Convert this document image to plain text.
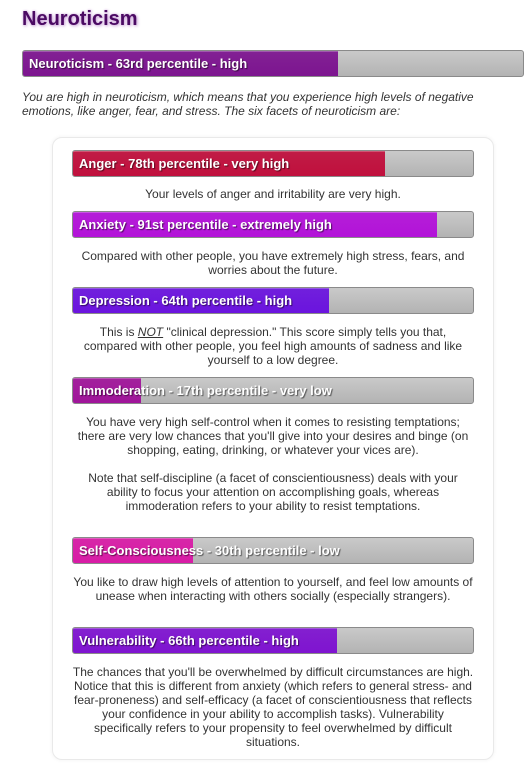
Neuroticism
Neuroticism - 63rd percentile - high

You are high in neuroticism, which means that you experience high levels of negative emotions, like anger, fear, and stress. The six facets of neuroticism are:

Anger - 78th percentile - very high

Your levels of anger and irritability are very high.

Anxiety - 91st percentile - extremely high

Compared with other people, you have extremely high stress, fears, and worries about the future.

Depression - 64th percentile - high

This is NOT "clinical depression." This score simply tells you that, compared with other people, you feel high amounts of sadness and like yourself to a low degree.

Immoderation - 17th percentile - very low

You have very high self-control when it comes to resisting temptations; there are very low chances that you'll give into your desires and binge (on shopping, eating, drinking, or whatever your vices are).

Note that self-discipline (a facet of conscientiousness) deals with your ability to focus your attention on accomplishing goals, whereas immoderation refers to your ability to resist temptations.

Self-Consciousness - 30th percentile - low

You like to draw high levels of attention to yourself, and feel low amounts of unease when interacting with others socially (especially strangers).

Vulnerability - 66th percentile - high

The chances that you'll be overwhelmed by difficult circumstances are high. Notice that this is different from anxiety (which refers to general stress- and fear-proneness) and self-efficacy (a facet of conscientiousness that reflects your confidence in your ability to accomplish tasks). Vulnerability specifically refers to your propensity to feel overwhelmed by difficult situations.
